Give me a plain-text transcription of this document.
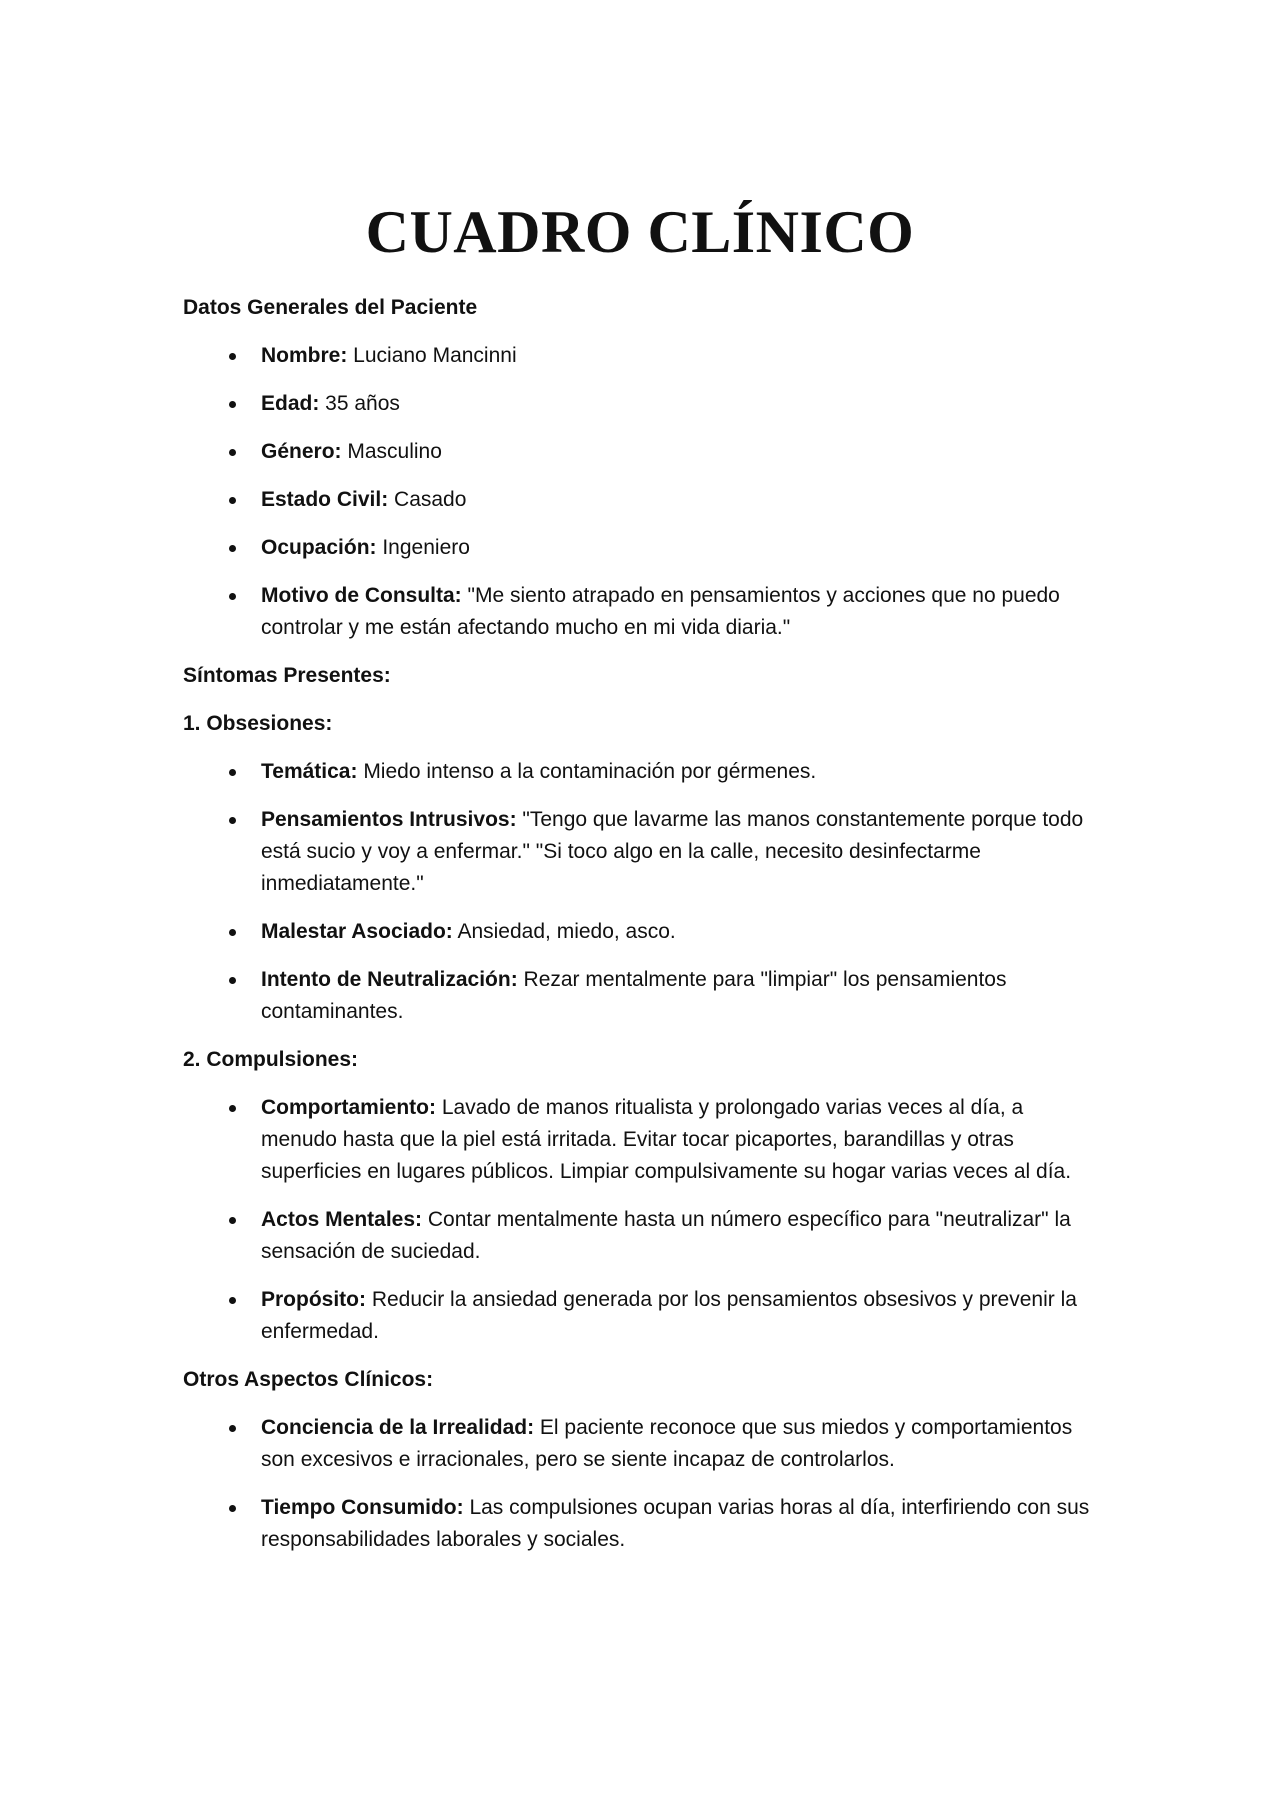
CUADRO CLÍNICO

Datos Generales del Paciente

Nombre: Luciano Mancinni
Edad: 35 años
Género: Masculino
Estado Civil: Casado
Ocupación: Ingeniero
Motivo de Consulta: "Me siento atrapado en pensamientos y acciones que no puedo controlar y me están afectando mucho en mi vida diaria."

Síntomas Presentes:

1. Obsesiones:

Temática: Miedo intenso a la contaminación por gérmenes.
Pensamientos Intrusivos: "Tengo que lavarme las manos constantemente porque todo está sucio y voy a enfermar." "Si toco algo en la calle, necesito desinfectarme inmediatamente."
Malestar Asociado: Ansiedad, miedo, asco.
Intento de Neutralización: Rezar mentalmente para "limpiar" los pensamientos contaminantes.

2. Compulsiones:

Comportamiento: Lavado de manos ritualista y prolongado varias veces al día, a menudo hasta que la piel está irritada. Evitar tocar picaportes, barandillas y otras superficies en lugares públicos. Limpiar compulsivamente su hogar varias veces al día.
Actos Mentales: Contar mentalmente hasta un número específico para "neutralizar" la sensación de suciedad.
Propósito: Reducir la ansiedad generada por los pensamientos obsesivos y prevenir la enfermedad.

Otros Aspectos Clínicos:

Conciencia de la Irrealidad: El paciente reconoce que sus miedos y comportamientos son excesivos e irracionales, pero se siente incapaz de controlarlos.
Tiempo Consumido: Las compulsiones ocupan varias horas al día, interfiriendo con sus responsabilidades laborales y sociales.
